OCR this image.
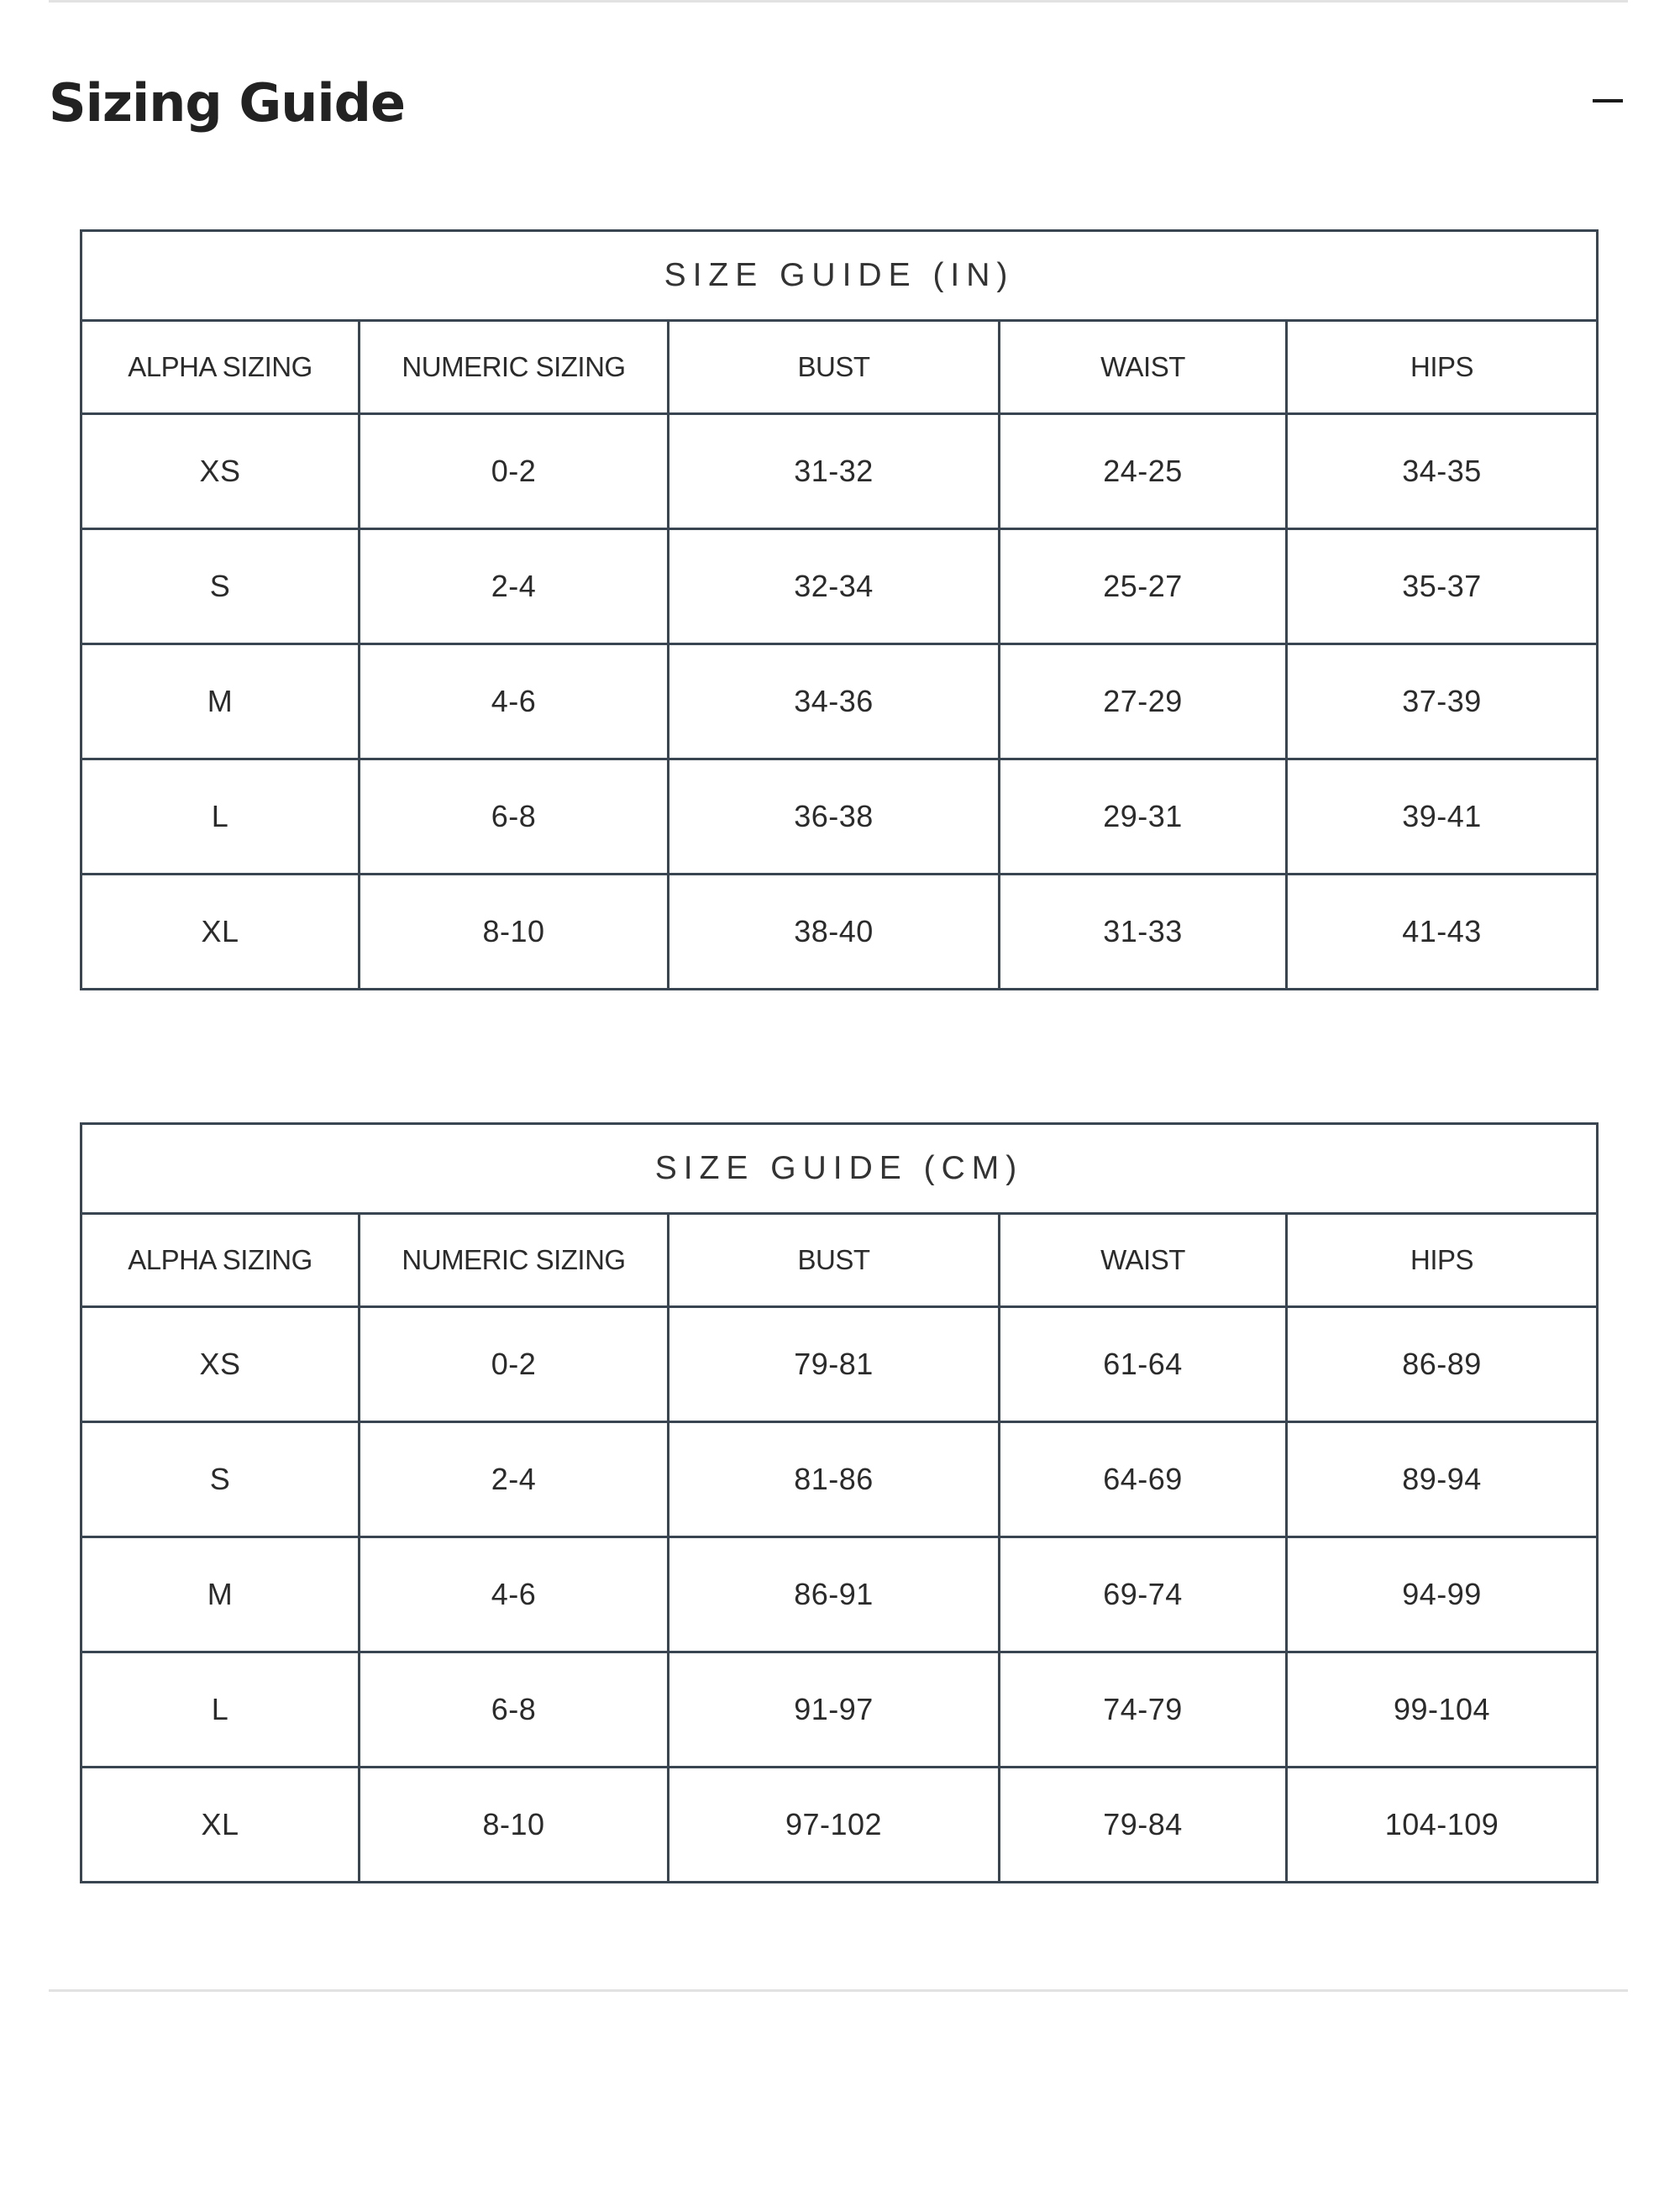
Sizing Guide
SIZE GUIDE (IN)				
ALPHA SIZING	NUMERIC SIZING	BUST	WAIST	HIPS
XS	0-2	31-32	24-25	34-35
S	2-4	32-34	25-27	35-37
M	4-6	34-36	27-29	37-39
L	6-8	36-38	29-31	39-41
XL	8-10	38-40	31-33	41-43
SIZE GUIDE (CM)				
ALPHA SIZING	NUMERIC SIZING	BUST	WAIST	HIPS
XS	0-2	79-81	61-64	86-89
S	2-4	81-86	64-69	89-94
M	4-6	86-91	69-74	94-99
L	6-8	91-97	74-79	99-104
XL	8-10	97-102	79-84	104-109
